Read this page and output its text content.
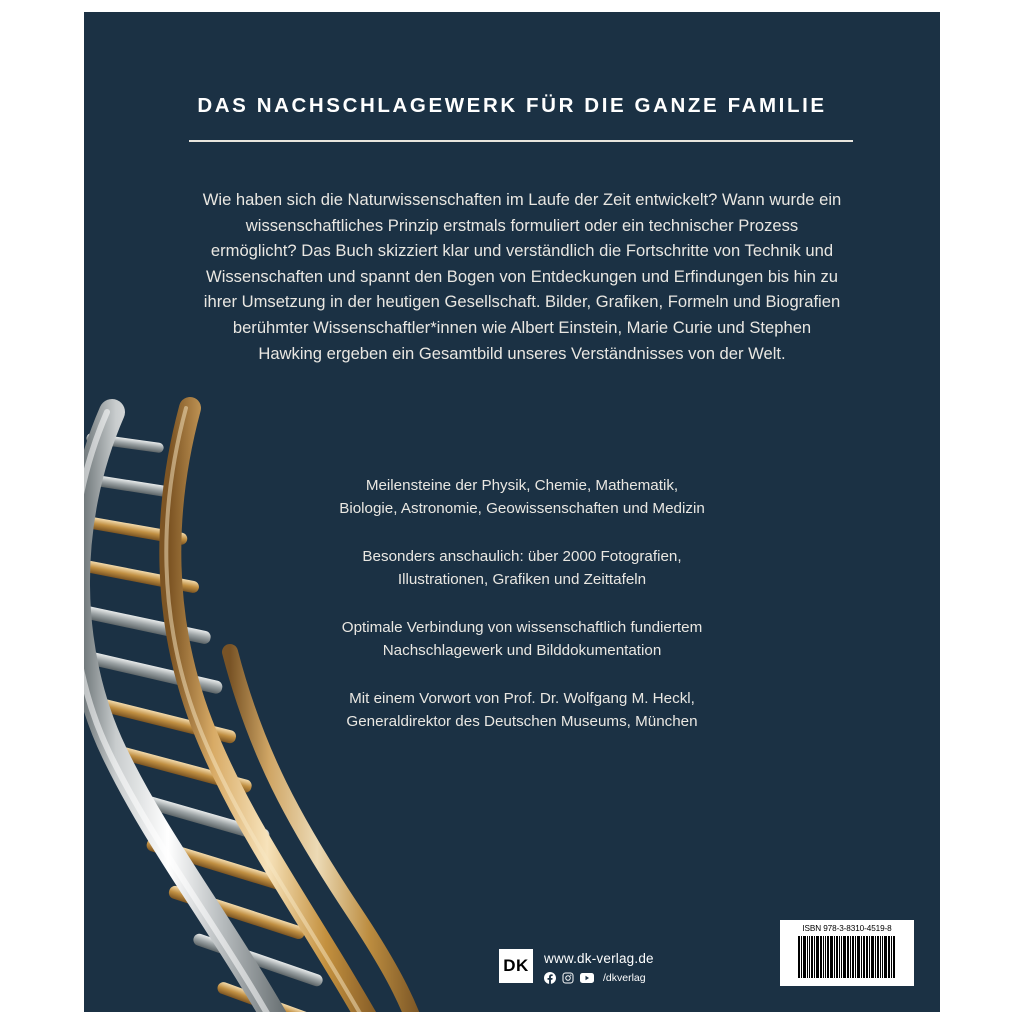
DAS NACHSCHLAGEWERK FÜR DIE GANZE FAMILIE
Wie haben sich die Naturwissenschaften im Laufe der Zeit entwickelt? Wann wurde ein wissenschaftliches Prinzip erstmals formuliert oder ein technischer Prozess ermöglicht? Das Buch skizziert klar und verständlich die Fortschritte von Technik und Wissenschaften und spannt den Bogen von Entdeckungen und Erfindungen bis hin zu ihrer Umsetzung in der heutigen Gesellschaft. Bilder, Grafiken, Formeln und Biografien berühmter Wissenschaftler*innen wie Albert Einstein, Marie Curie und Stephen Hawking ergeben ein Gesamtbild unseres Verständnisses von der Welt.
Meilensteine der Physik, Chemie, Mathematik,
Biologie, Astronomie, Geowissenschaften und Medizin
Besonders anschaulich: über 2000 Fotografien,
Illustrationen, Grafiken und Zeittafeln
Optimale Verbindung von wissenschaftlich fundiertem
Nachschlagewerk und Bilddokumentation
Mit einem Vorwort von Prof. Dr. Wolfgang M. Heckl,
Generaldirektor des Deutschen Museums, München
DK	www.dk-verlag.de
/dkverlag
ISBN 978-3-8310-4519-8
